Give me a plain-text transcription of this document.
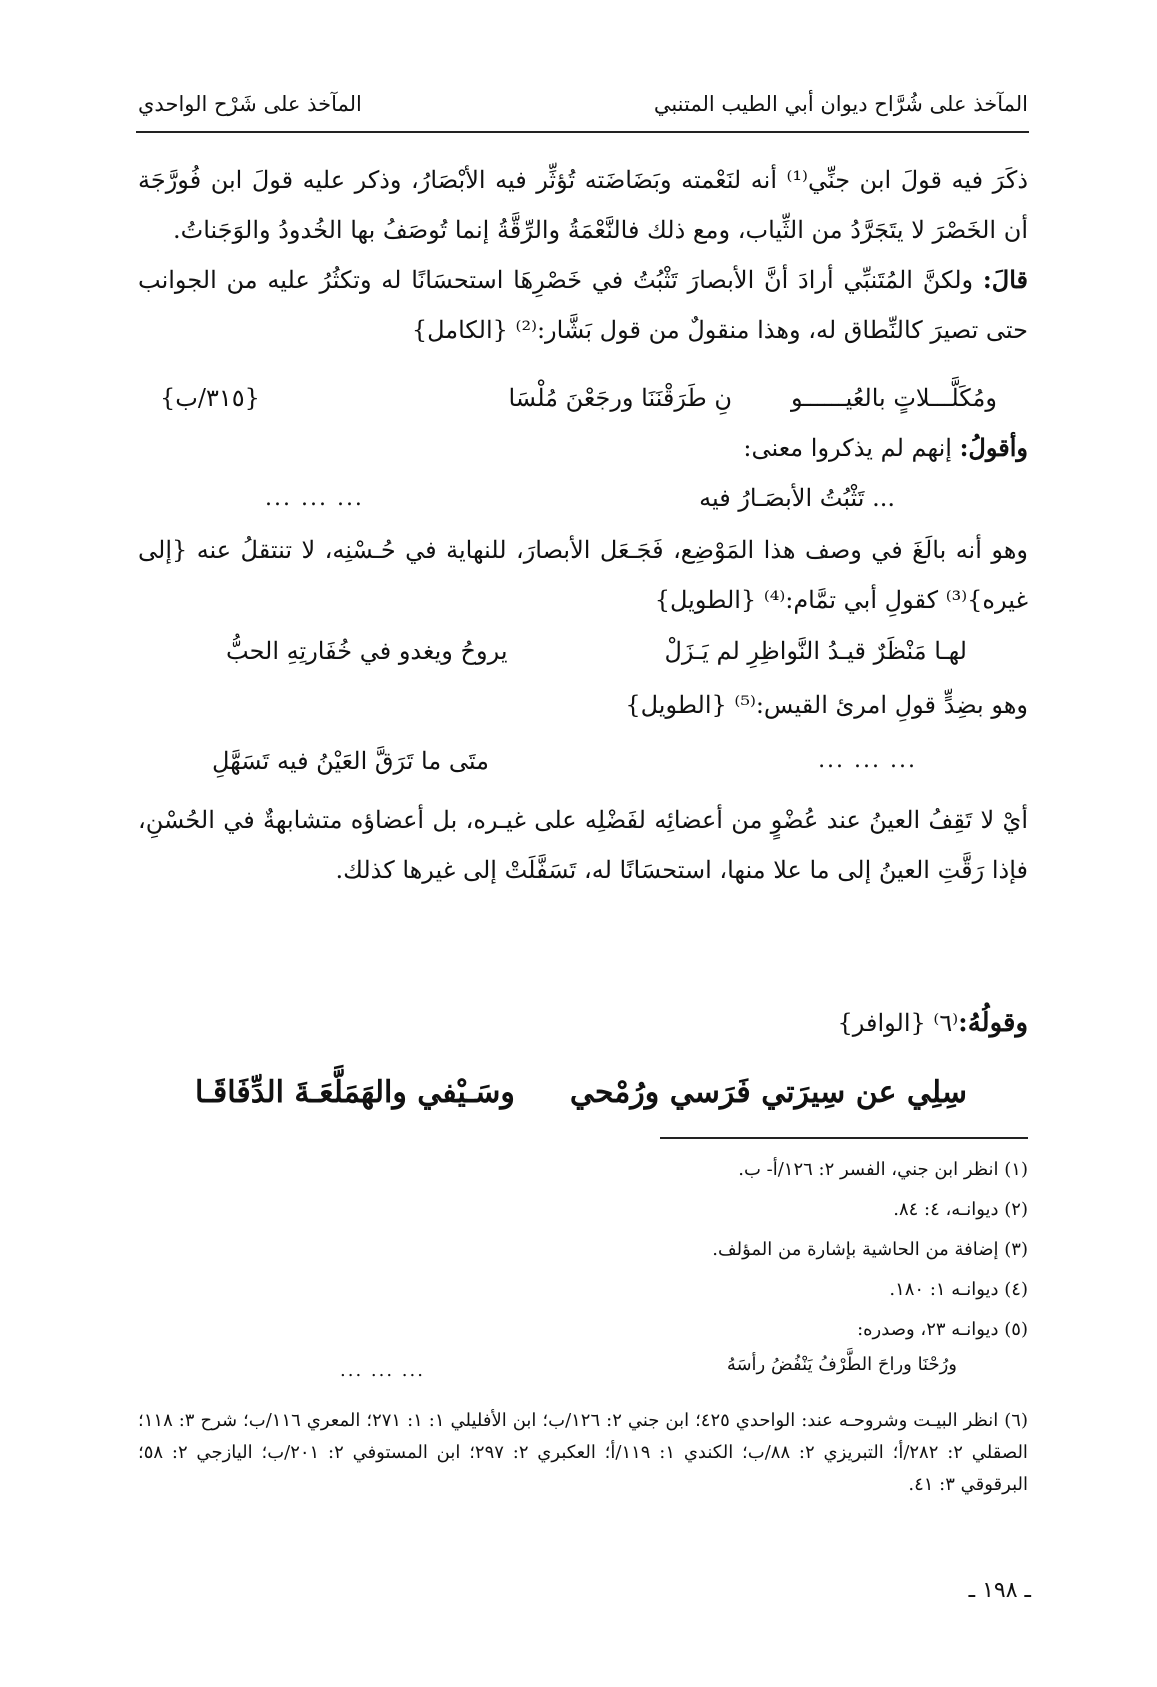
المآخذ على شُرَّاح ديوان أبي الطيب المتنبي
المآخذ على شَرْح الواحدي
ذكَرَ فيه قولَ ابن جنِّي⁽¹⁾ أنه لنَعْمته وبَضَاضَته تُؤثِّر فيه الأبْصَارُ، وذكر عليه قولَ ابن فُورَّجَة أن الخَصْرَ لا يتَجَرَّدُ من الثِّياب، ومع ذلك فالنَّعْمَةُ والرِّقَّةُ إنما تُوصَفُ بها الخُدودُ والوَجَناتُ.
قالَ: ولكنَّ المُتَنبِّي أرادَ أنَّ الأبصارَ تَثْبُتُ في خَصْرِهَا استحسَانًا له وتكثُرُ عليه من الجوانب حتى تصيرَ كالنِّطاق له، وهذا منقولٌ من قول بَشَّار:⁽²⁾ {الكامل}
ومُكَلَّـــلاتٍ بالعُيــــــو
نِ طَرَقْنَنَا ورجَعْنَ مُلْسَا
{٣١٥/ب}
وأقولُ: إنهم لم يذكروا معنى:
... تَثْبُتُ الأبصَـارُ فيه
... ... ...
وهو أنه بالَغَ في وصف هذا المَوْضِع، فَجَـعَل الأبصارَ، للنهاية في حُـسْنِه، لا تنتقلُ عنه {إلى غيره}⁽³⁾ كقولِ أبي تمَّام:⁽⁴⁾ {الطويل}
لهـا مَنْظَرٌ قيـدُ النَّواظِرِ لم يَـزَلْ
يروحُ ويغدو في خُفَارتِهِ الحبُّ
وهو بضِدٍّ قولِ امرئ القيس:⁽⁵⁾ {الطويل}
... ... ...
متَى ما تَرَقَّ العَيْنُ فيه تَسَهَّلِ
أيْ لا تَقِفُ العينُ عند عُضْوٍ من أعضائِه لفَضْلِه على غيـره، بل أعضاؤه متشابهةٌ في الحُسْنِ، فإذا رَقَّتِ العينُ إلى ما علا منها، استحسَانًا له، تَسَفَّلَتْ إلى غيرها كذلك.
وقولُهُ:⁽٦⁾ {الوافر}
سِلِي عن سِيرَتي فَرَسي ورُمْحي
وسَـيْفي والهَمَلَّعَـةَ الدِّفَاقَـا
(١) انظر ابن جني، الفسر ٢: ١٢٦/أ- ب.
(٢) ديوانـه، ٤: ٨٤.
(٣) إضافة من الحاشية بإشارة من المؤلف.
(٤) ديوانـه ١: ١٨٠.
(٥) ديوانـه ٢٣، وصدره:
ورُحْنَا وراحَ الطَّرْفُ يَنْفُضُ رأسَهُ
... ... ...
(٦) انظر البيـت وشروحـه عند: الواحدي ٤٢٥؛ ابن جني ٢: ١٢٦/ب؛ ابن الأفليلي ١: ١: ٢٧١؛ المعري ١١٦/ب؛ شرح ٣: ١١٨؛ الصقلي ٢: ٢٨٢/أ؛ التبريزي ٢: ٨٨/ب؛ الكندي ١: ١١٩/أ؛ العكبري ٢: ٢٩٧؛ ابن المستوفي ٢: ٢٠١/ب؛ اليازجي ٢: ٥٨؛ البرقوقي ٣: ٤١.
ـ ١٩٨ ـ
